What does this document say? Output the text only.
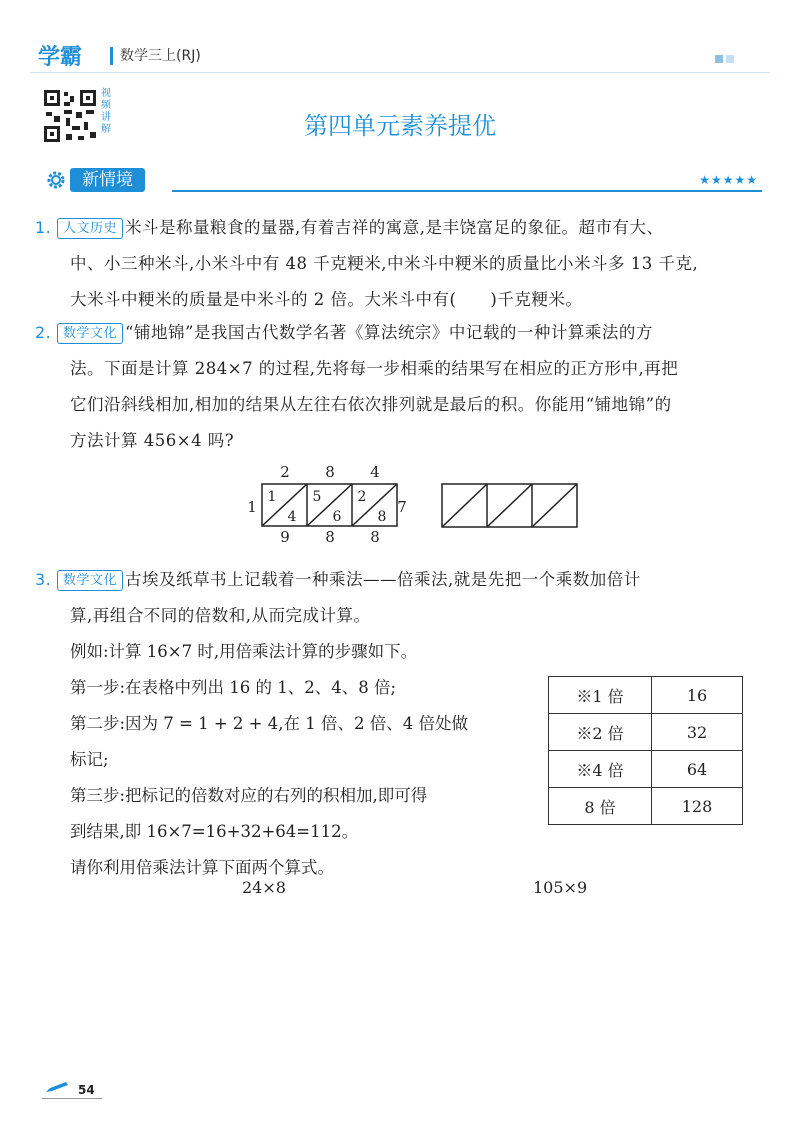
学霸	数学三上(RJ)
视频讲解	第四单元素养提优
新情境	★★★★★
1. 人文历史 米斗是称量粮食的量器,有着吉祥的寓意,是丰饶富足的象征。超市有大、
中、小三种米斗,小米斗中有 48 千克粳米,中米斗中粳米的质量比小米斗多 13 千克,
大米斗中粳米的质量是中米斗的 2 倍。大米斗中有(　　)千克粳米。
2. 数学文化 “铺地锦”是我国古代数学名著《算法统宗》中记载的一种计算乘法的方
法。下面是计算 284×7 的过程,先将每一步相乘的结果写在相应的正方形中,再把
它们沿斜线相加,相加的结果从左往右依次排列就是最后的积。你能用“铺地锦”的
方法计算 456×4 吗?
2 8 4
1	7
9 8 8
1
4
5
6
2
8
3. 数学文化 古埃及纸草书上记载着一种乘法——倍乘法,就是先把一个乘数加倍计
算,再组合不同的倍数和,从而完成计算。
例如:计算 16×7 时,用倍乘法计算的步骤如下。
第一步:在表格中列出 16 的 1、2、4、8 倍;
第二步:因为 7 = 1 + 2 + 4,在 1 倍、2 倍、4 倍处做
标记;
第三步:把标记的倍数对应的右列的积相加,即可得
到结果,即 16×7=16+32+64=112。
请你利用倍乘法计算下面两个算式。
※1 倍	16
※2 倍	32
※4 倍	64
8 倍	128
24×8	105×9
54
